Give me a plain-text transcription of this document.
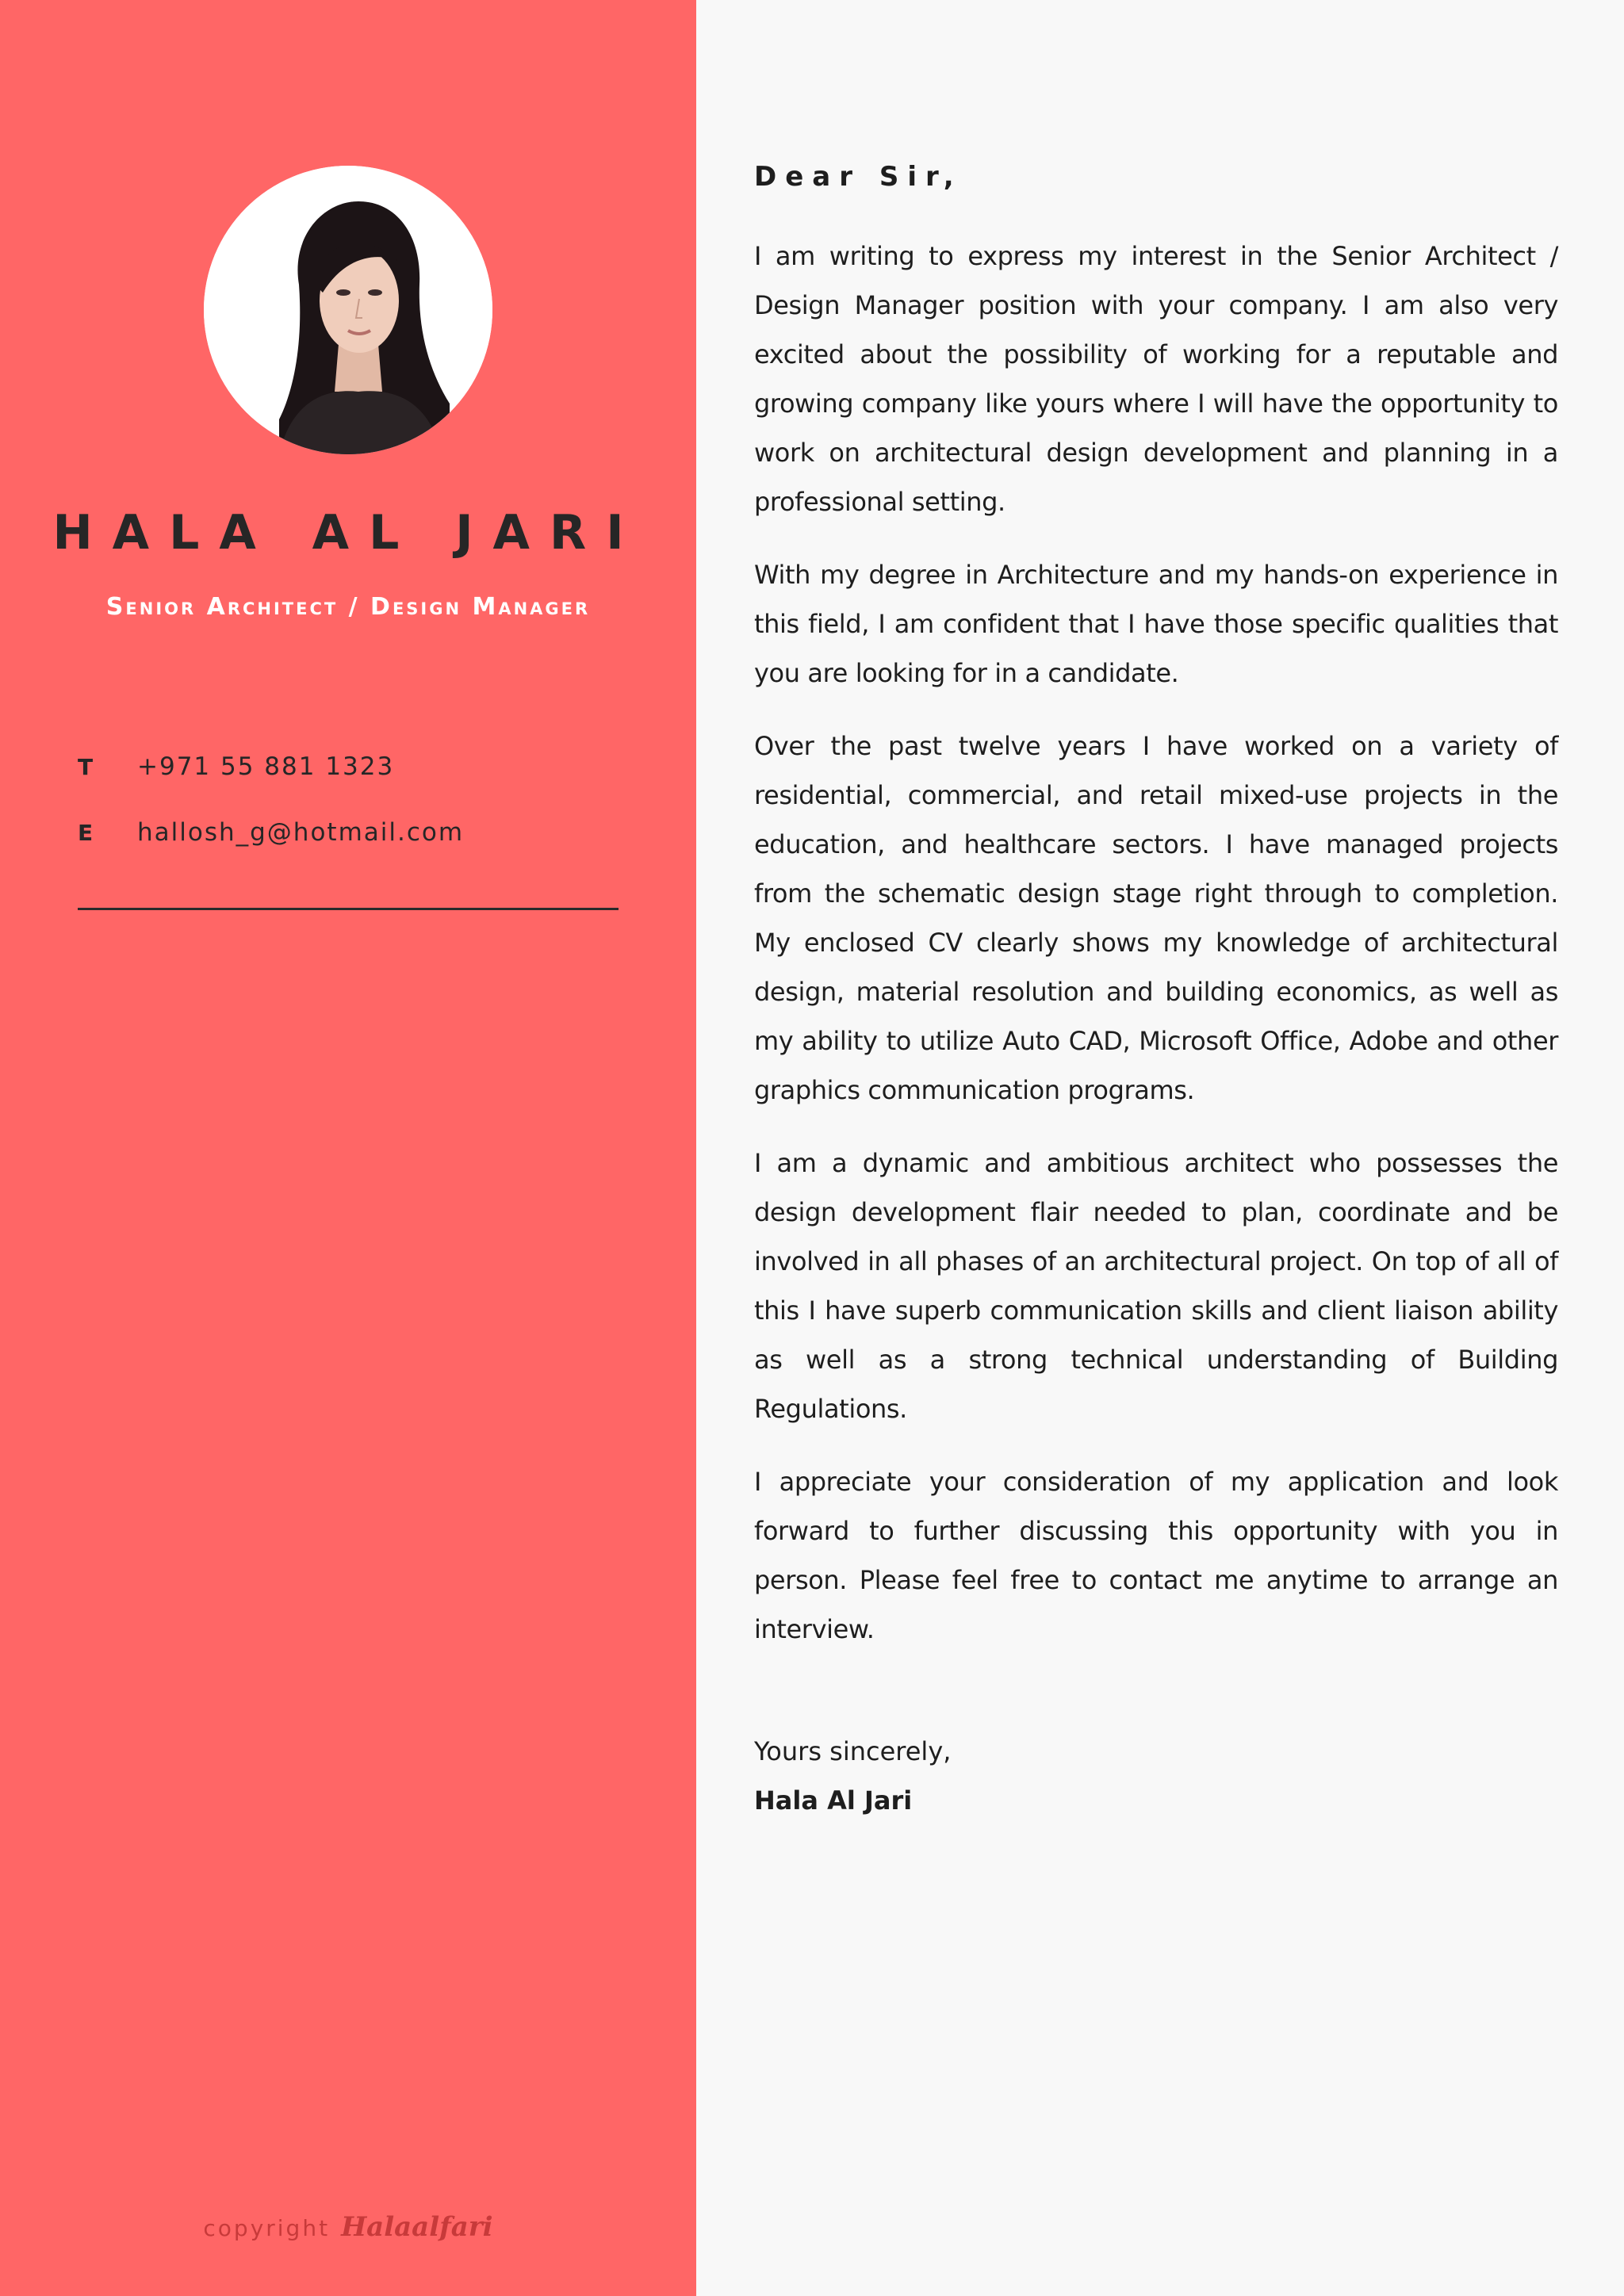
HALA AL JARI
Senior Architect / Design Manager
T +971 55 881 1323
E hallosh_g@hotmail.com
copyright Halaalfari
Dear Sir,

I am writing to express my interest in the Senior Architect / Design Manager position with your company. I am also very excited about the possibility of working for a reputable and growing company like yours where I will have the opportunity to work on architectural design development and planning in a professional setting.

With my degree in Architecture and my hands-on experience in this field, I am confident that I have those specific qualities that you are looking for in a candidate.

Over the past twelve years I have worked on a variety of residential, commercial, and retail mixed-use projects in the education, and healthcare sectors. I have managed projects from the schematic design stage right through to completion. My enclosed CV clearly shows my knowledge of architectural design, material resolution and building economics, as well as my ability to utilize Auto CAD, Microsoft Office, Adobe and other graphics communication programs.

I am a dynamic and ambitious architect who possesses the design development flair needed to plan, coordinate and be involved in all phases of an architectural project. On top of all of this I have superb communication skills and client liaison ability as well as a strong technical understanding of Building Regulations.

I appreciate your consideration of my application and look forward to further discussing this opportunity with you in person. Please feel free to contact me anytime to arrange an interview.

Yours sincerely,
Hala Al Jari
